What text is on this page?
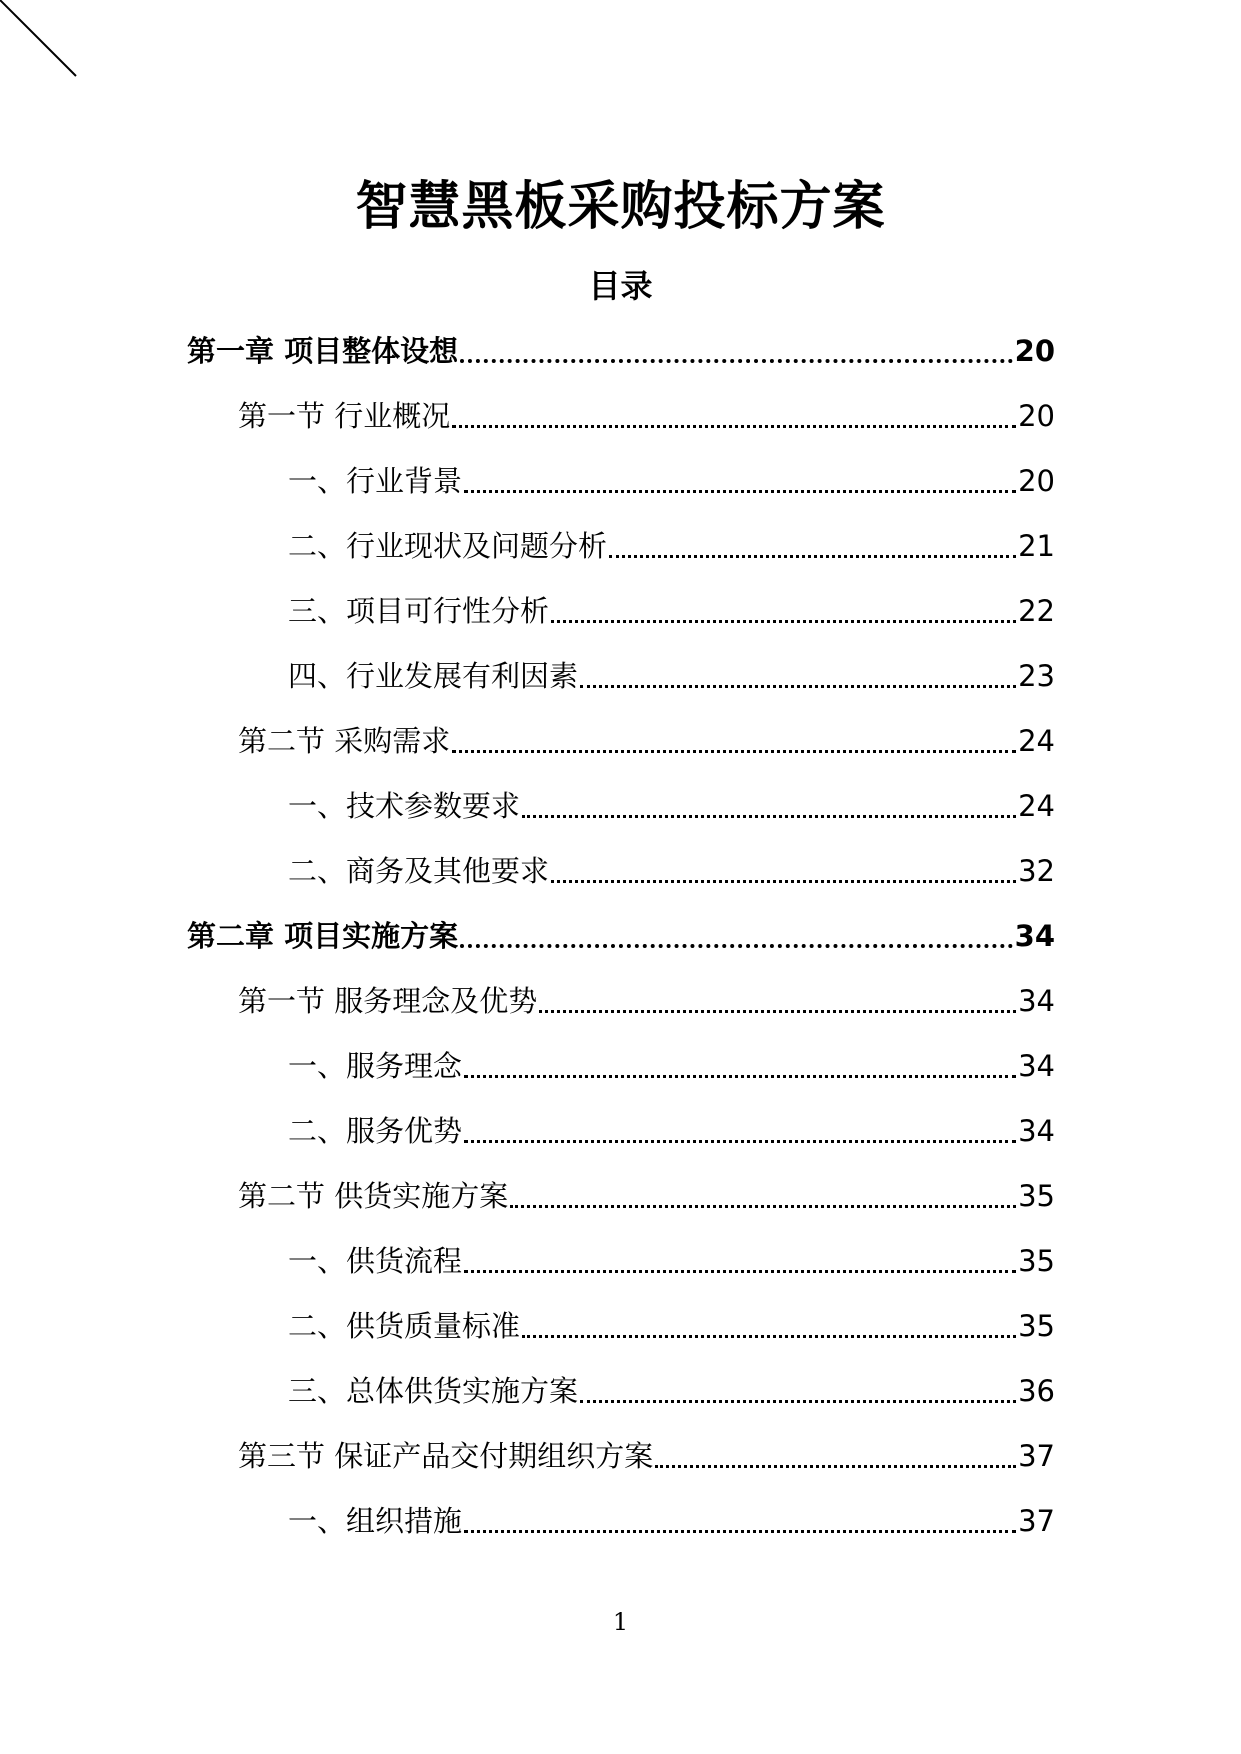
智慧黑板采购投标方案
目录
第一章 项目整体设想	20
第一节 行业概况	20
一、行业背景	20
二、行业现状及问题分析	21
三、项目可行性分析	22
四、行业发展有利因素	23
第二节 采购需求	24
一、技术参数要求	24
二、商务及其他要求	32
第二章 项目实施方案	34
第一节 服务理念及优势	34
一、服务理念	34
二、服务优势	34
第二节 供货实施方案	35
一、供货流程	35
二、供货质量标准	35
三、总体供货实施方案	36
第三节 保证产品交付期组织方案	37
一、组织措施	37
1
